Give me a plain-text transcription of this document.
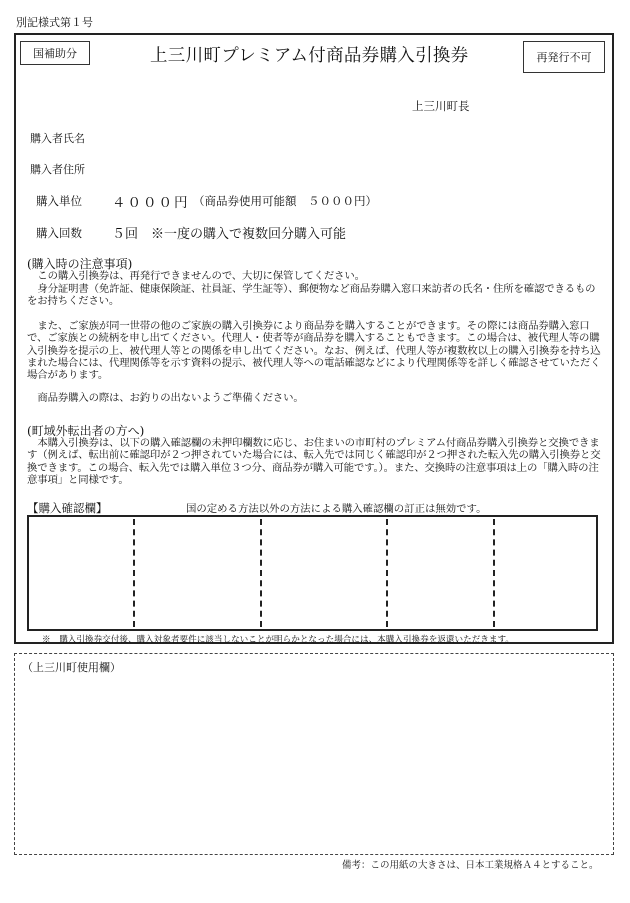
別記様式第１号
国補助分	上三川町プレミアム付商品券購入引換券	再発行不可
上三川町長
購入者氏名
購入者住所
購入単位 ４０００円 （商品券使用可能額　５０００円）
購入回数 ５回　※一度の購入で複数回分購入可能
(購入時の注意事項)
この購入引換券は、再発行できませんので、大切に保管してください。
身分証明書（免許証、健康保険証、社員証、学生証等）、郵便物など商品券購入窓口来訪者の氏名・住所を確認できるものをお持ちください。
また、ご家族が同一世帯の他のご家族の購入引換券により商品券を購入することができます。その際には商品券購入窓口で、ご家族との続柄を申し出てください。代理人・使者等が商品券を購入することもできます。この場合は、被代理人等の購入引換券を提示の上、被代理人等との関係を申し出てください。なお、例えば、代理人等が複数枚以上の購入引換券を持ち込まれた場合には、代理関係等を示す資料の提示、被代理人等への電話確認などにより代理関係等を詳しく確認させていただく場合があります。
商品券購入の際は、お釣りの出ないようご準備ください。
(町域外転出者の方へ)
本購入引換券は、以下の購入確認欄の未押印欄数に応じ、お住まいの市町村のプレミアム付商品券購入引換券と交換できます（例えば、転出前に確認印が２つ押されていた場合には、転入先では同じく確認印が２つ押された転入先の購入引換券と交換できます。この場合、転入先では購入単位３つ分、商品券が購入可能です。）。また、交換時の注意事項は上の「購入時の注意事項」と同様です。
【購入確認欄】	国の定める方法以外の方法による購入確認欄の訂正は無効です。
※　購入引換券交付後、購入対象者要件に該当しないことが明らかとなった場合には、本購入引換券を返還いただきます。
（上三川町使用欄）
備考：この用紙の大きさは、日本工業規格Ａ４とすること。
